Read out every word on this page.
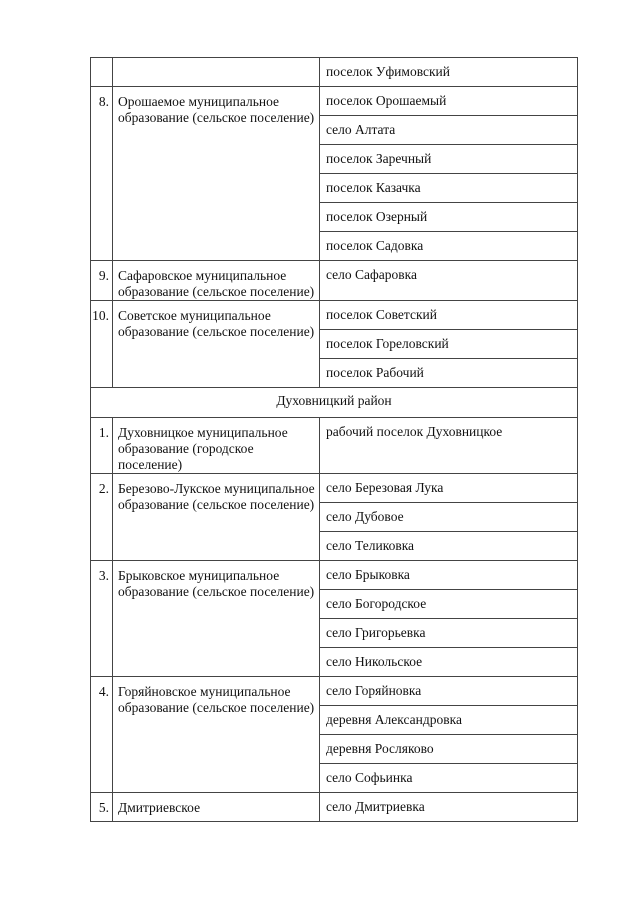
		поселок Уфимовский
8.	Орошаемое муниципальное образование (сельское поселение)	поселок Орошаемый
		село Алтата
		поселок Заречный
		поселок Казачка
		поселок Озерный
		поселок Садовка
9.	Сафаровское муниципальное образование (сельское поселение)	село Сафаровка
10.	Советское муниципальное образование (сельское поселение)	поселок Советский
		поселок Горeловский
		поселок Рабочий
Духовницкий район		
1.	Духовницкое муниципальное образование (городское поселение)	рабочий поселок Духовницкое
2.	Березово-Лукское муниципальное образование (сельское поселение)	село Березовая Лука
		село Дубовое
		село Теликовка
3.	Брыковское муниципальное образование (сельское поселение)	село Брыковка
		село Богородское
		село Григорьевка
		село Никольское
4.	Горяйновское муниципальное образование (сельское поселение)	село Горяйновка
		деревня Александровка
		деревня Росляково
		село Софьинка
5.	Дмитриевское	село Дмитриевка
